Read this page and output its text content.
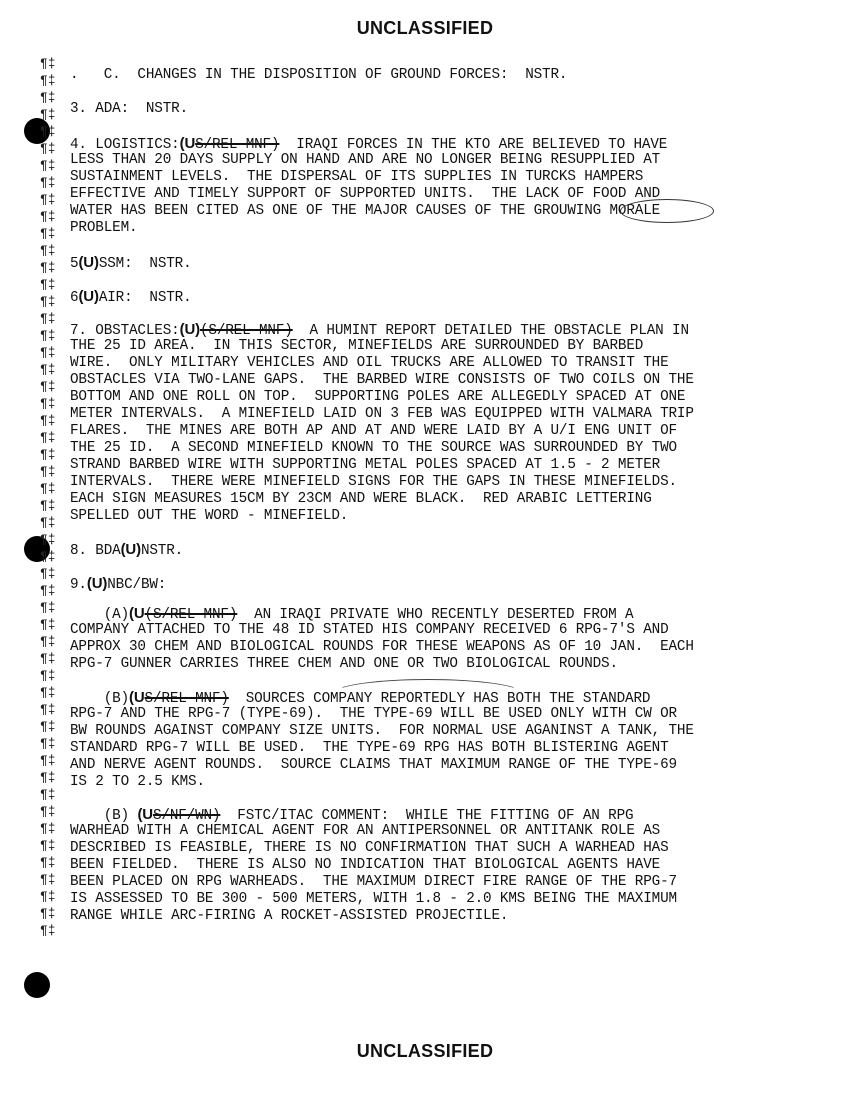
UNCLASSIFIED
.   C.  CHANGES IN THE DISPOSITION OF GROUND FORCES:  NSTR.
3. ADA:  NSTR.
4. LOGISTICS:(US/REL MNF)  IRAQI FORCES IN THE KTO ARE BELIEVED TO HAVE
LESS THAN 20 DAYS SUPPLY ON HAND AND ARE NO LONGER BEING RESUPPLIED AT
SUSTAINMENT LEVELS.  THE DISPERSAL OF ITS SUPPLIES IN TURCKS HAMPERS
EFFECTIVE AND TIMELY SUPPORT OF SUPPORTED UNITS.  THE LACK OF FOOD AND
WATER HAS BEEN CITED AS ONE OF THE MAJOR CAUSES OF THE GROUWING MORALE
PROBLEM.
5(U)SSM:  NSTR.
6(U)AIR:  NSTR.
7. OBSTACLES:(U)(S/REL MNF)  A HUMINT REPORT DETAILED THE OBSTACLE PLAN IN
THE 25 ID AREA.  IN THIS SECTOR, MINEFIELDS ARE SURROUNDED BY BARBED
WIRE.  ONLY MILITARY VEHICLES AND OIL TRUCKS ARE ALLOWED TO TRANSIT THE
OBSTACLES VIA TWO-LANE GAPS.  THE BARBED WIRE CONSISTS OF TWO COILS ON THE
BOTTOM AND ONE ROLL ON TOP.  SUPPORTING POLES ARE ALLEGEDLY SPACED AT ONE
METER INTERVALS.  A MINEFIELD LAID ON 3 FEB WAS EQUIPPED WITH VALMARA TRIP
FLARES.  THE MINES ARE BOTH AP AND AT AND WERE LAID BY A U/I ENG UNIT OF
THE 25 ID.  A SECOND MINEFIELD KNOWN TO THE SOURCE WAS SURROUNDED BY TWO
STRAND BARBED WIRE WITH SUPPORTING METAL POLES SPACED AT 1.5 - 2 METER
INTERVALS.  THERE WERE MINEFIELD SIGNS FOR THE GAPS IN THESE MINEFIELDS.
EACH SIGN MEASURES 15CM BY 23CM AND WERE BLACK.  RED ARABIC LETTERING
SPELLED OUT THE WORD - MINEFIELD.
8. BDA(U)NSTR.
9.(U)NBC/BW:
(A)(U(S/REL MNF)  AN IRAQI PRIVATE WHO RECENTLY DESERTED FROM A
COMPANY ATTACHED TO THE 48 ID STATED HIS COMPANY RECEIVED 6 RPG-7'S AND
APPROX 30 CHEM AND BIOLOGICAL ROUNDS FOR THESE WEAPONS AS OF 10 JAN.  EACH
RPG-7 GUNNER CARRIES THREE CHEM AND ONE OR TWO BIOLOGICAL ROUNDS.
(B)(US/REL MNF)  SOURCES COMPANY REPORTEDLY HAS BOTH THE STANDARD
RPG-7 AND THE RPG-7 (TYPE-69).  THE TYPE-69 WILL BE USED ONLY WITH CW OR
BW ROUNDS AGAINST COMPANY SIZE UNITS.  FOR NORMAL USE AGANINST A TANK, THE
STANDARD RPG-7 WILL BE USED.  THE TYPE-69 RPG HAS BOTH BLISTERING AGENT
AND NERVE AGENT ROUNDS.  SOURCE CLAIMS THAT MAXIMUM RANGE OF THE TYPE-69
IS 2 TO 2.5 KMS.
(B) (US/NF/WN)  FSTC/ITAC COMMENT:  WHILE THE FITTING OF AN RPG
WARHEAD WITH A CHEMICAL AGENT FOR AN ANTIPERSONNEL OR ANTITANK ROLE AS
DESCRIBED IS FEASIBLE, THERE IS NO CONFIRMATION THAT SUCH A WARHEAD HAS
BEEN FIELDED.  THERE IS ALSO NO INDICATION THAT BIOLOGICAL AGENTS HAVE
BEEN PLACED ON RPG WARHEADS.  THE MAXIMUM DIRECT FIRE RANGE OF THE RPG-7
IS ASSESSED TO BE 300 - 500 METERS, WITH 1.8 - 2.0 KMS BEING THE MAXIMUM
RANGE WHILE ARC-FIRING A ROCKET-ASSISTED PROJECTILE.
UNCLASSIFIED
¶‡
¶‡
¶‡
¶‡
¶‡
¶‡
¶‡
¶‡
¶‡
¶‡
¶‡
¶‡
¶‡
¶‡
¶‡
¶‡
¶‡
¶‡
¶‡
¶‡
¶‡
¶‡
¶‡
¶‡
¶‡
¶‡
¶‡
¶‡
¶‡
¶‡
¶‡
¶‡
¶‡
¶‡
¶‡
¶‡
¶‡
¶‡
¶‡
¶‡
¶‡
¶‡
¶‡
¶‡
¶‡
¶‡
¶‡
¶‡
¶‡
¶‡
¶‡
¶‡
